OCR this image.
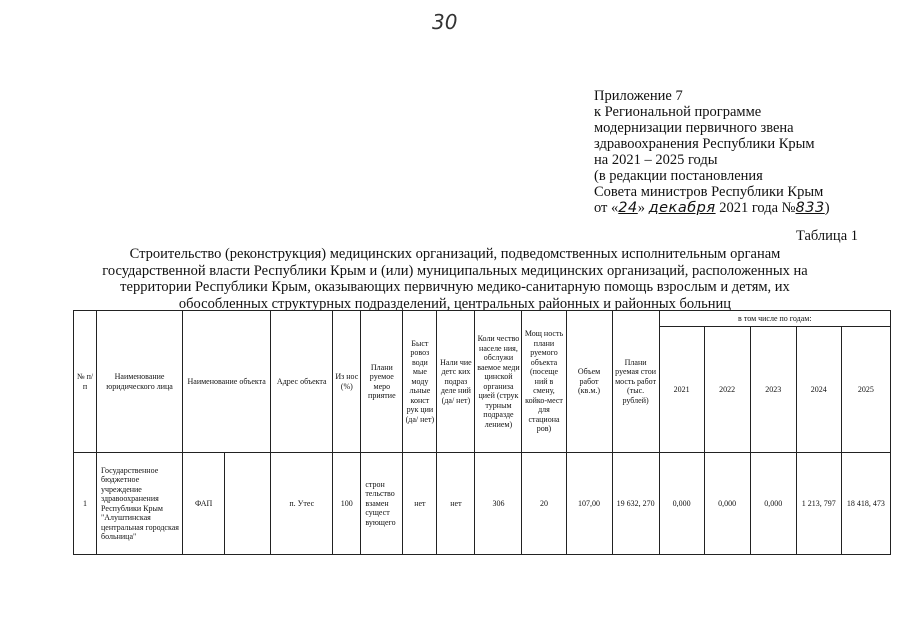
30
Приложение 7
к Региональной программе
модернизации первичного звена
здравоохранения Республики Крым
на 2021 – 2025 годы
(в редакции постановления
Совета министров Республики Крым
от «24» декабря 2021 года №833)
Таблица 1
Строительство (реконструкция) медицинских организаций, подведомственных исполнительным органам
государственной власти Республики Крым и (или) муниципальных медицинских организаций, расположенных на
территории Республики Крым, оказывающих первичную медико-санитарную помощь взрослым и детям, их
обособленных структурных подразделений, центральных районных и районных больниц
№ п/п	Наименование юридического лица	Наименование объекта		Адрес объекта	Из нос (%)	Плани руемое меро приятие	Быст ровоз води мые моду льные конст рук ции (да/ нет)	Нали чие детс ких подраз деле ний (да/ нет)	Коли чество населе ния, обслужи ваемое меди цинской организа цией (струк турным подразде лением)	Мощ ность плани руемого объекта (посеще ний в смену, койко-мест для стациона ров)	Объем работ (кв.м.)	Плани руемая стои мость работ (тыс. рублей)	в том числе по годам:				
													2021	2022	2023	2024	2025
1	Государственное бюджетное учреждение здравоохранения Республики Крым "Алуштинская центральная городская больница"	ФАП		п. Утес	100	строн тельство взамен сущест вующего	нет	нет	306	20	107,00	19 632, 270	0,000	0,000	0,000	1 213, 797	18 418, 473
